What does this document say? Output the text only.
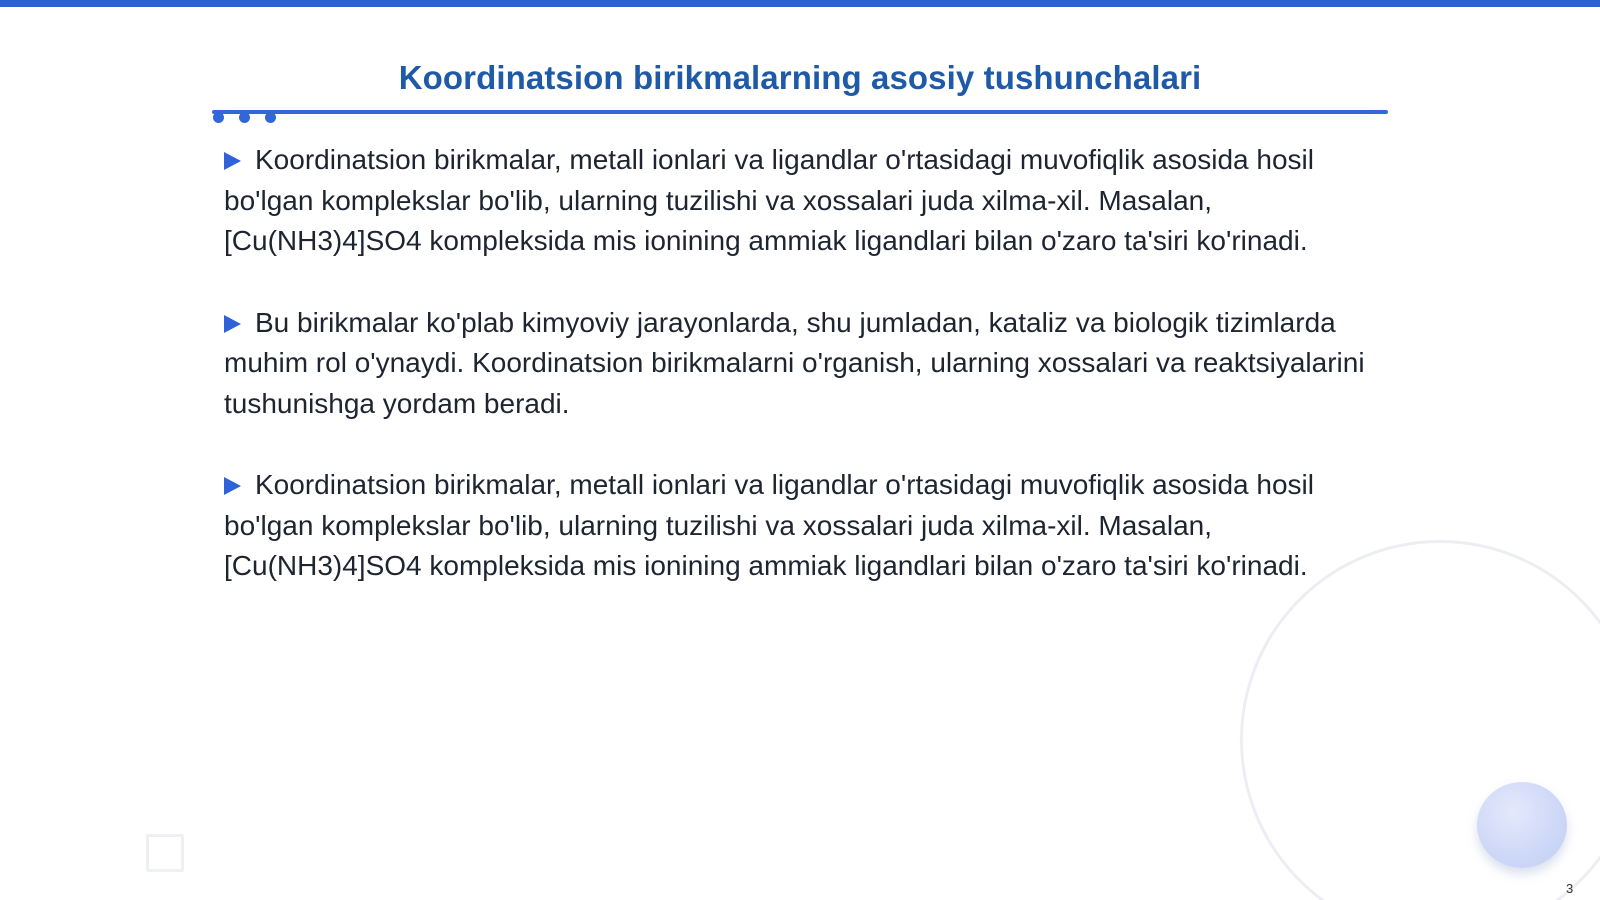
Koordinatsion birikmalarning asosiy tushunchalari

Koordinatsion birikmalar, metall ionlari va ligandlar o'rtasidagi muvofiqlik asosida hosil bo'lgan komplekslar bo'lib, ularning tuzilishi va xossalari juda xilma-xil. Masalan, [Cu(NH3)4]SO4 kompleksida mis ionining ammiak ligandlari bilan o'zaro ta'siri ko'rinadi.

Bu birikmalar ko'plab kimyoviy jarayonlarda, shu jumladan, kataliz va biologik tizimlarda muhim rol o'ynaydi. Koordinatsion birikmalarni o'rganish, ularning xossalari va reaktsiyalarini tushunishga yordam beradi.

Koordinatsion birikmalar, metall ionlari va ligandlar o'rtasidagi muvofiqlik asosida hosil bo'lgan komplekslar bo'lib, ularning tuzilishi va xossalari juda xilma-xil. Masalan, [Cu(NH3)4]SO4 kompleksida mis ionining ammiak ligandlari bilan o'zaro ta'siri ko'rinadi.

3
